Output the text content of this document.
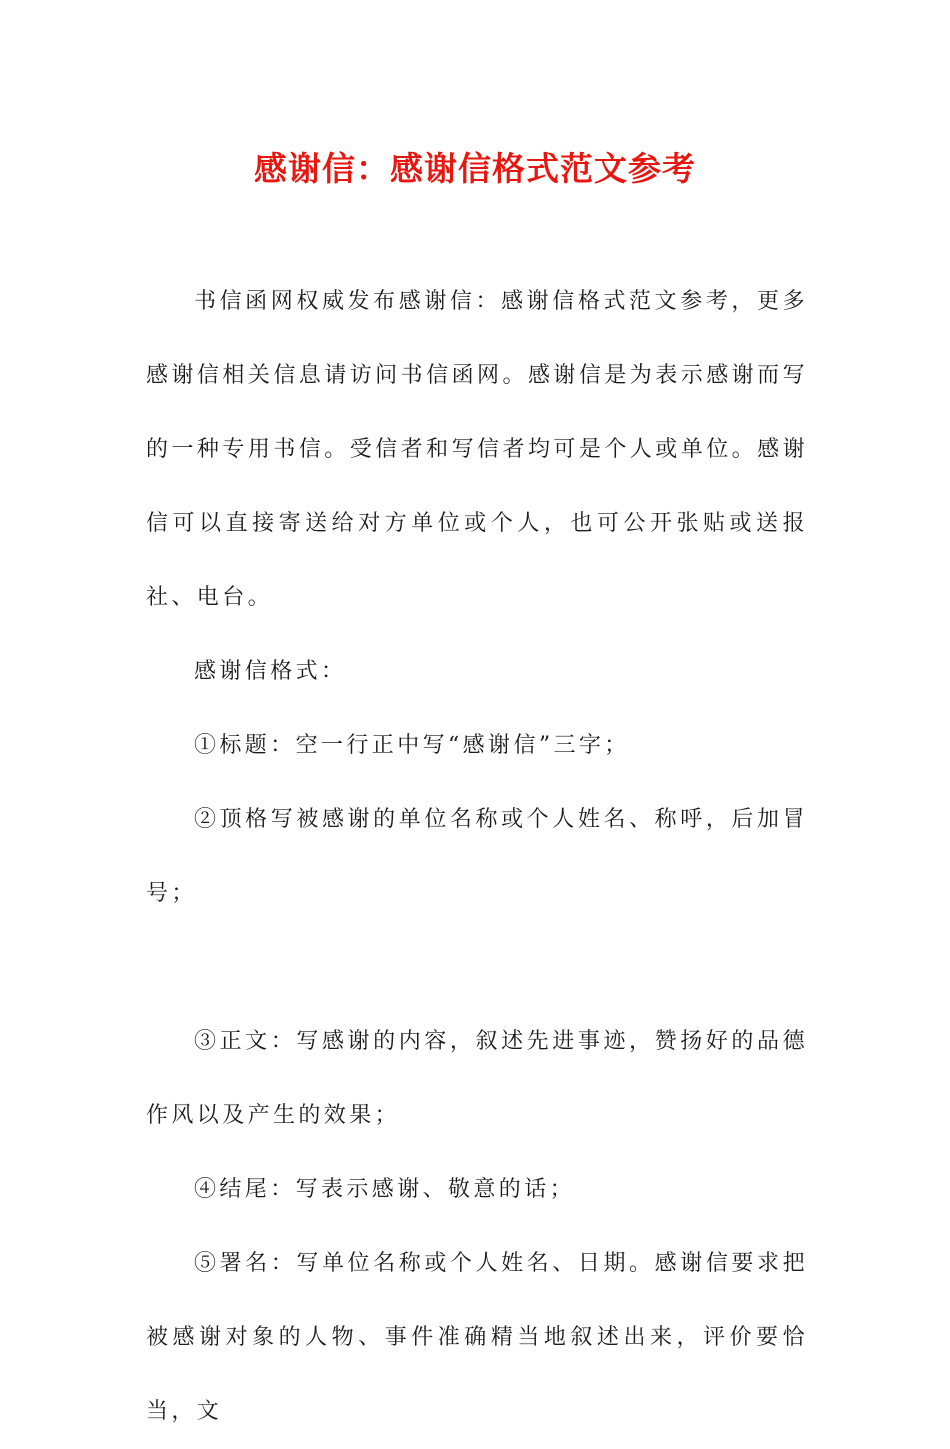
感谢信：感谢信格式范文参考

书信函网权威发布感谢信：感谢信格式范文参考，更多感谢信相关信息请访问书信函网。感谢信是为表示感谢而写的一种专用书信。受信者和写信者均可是个人或单位。感谢信可以直接寄送给对方单位或个人，也可公开张贴或送报社、电台。

感谢信格式：

①标题：空一行正中写“感谢信”三字；

②顶格写被感谢的单位名称或个人姓名、称呼，后加冒号；

③正文：写感谢的内容，叙述先进事迹，赞扬好的品德作风以及产生的效果；

④结尾：写表示感谢、敬意的话；

⑤署名：写单位名称或个人姓名、日期。感谢信要求把被感谢对象的人物、事件准确精当地叙述出来，评价要恰当，文
